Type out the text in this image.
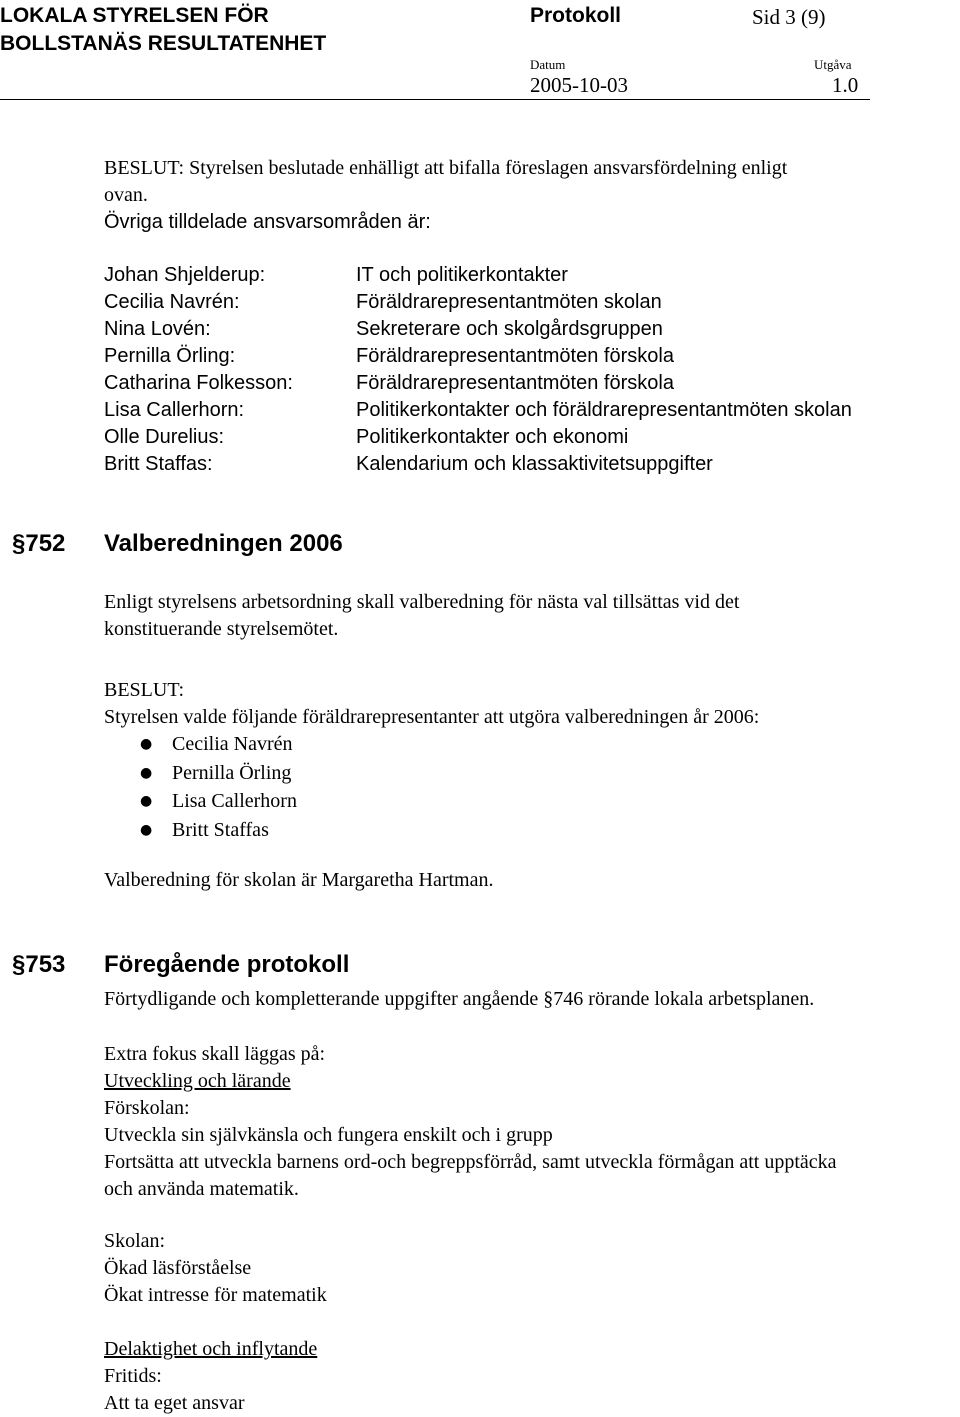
LOKALA STYRELSEN FÖR
BOLLSTANÄS RESULTATENHET
Protokoll	Sid 3 (9)
Datum
2005-10-03
Utgåva
1.0
BESLUT: Styrelsen beslutade enhälligt att bifalla föreslagen ansvarsfördelning enligt
ovan.
Övriga tilldelade ansvarsområden är:
Johan Shjelderup:
Cecilia Navrén:
Nina Lovén:
Pernilla Örling:
Catharina Folkesson:
Lisa Callerhorn:
Olle Durelius:
Britt Staffas:
IT och politikerkontakter
Föräldrarepresentantmöten skolan
Sekreterare och skolgårdsgruppen
Föräldrarepresentantmöten förskola
Föräldrarepresentantmöten förskola
Politikerkontakter och föräldrarepresentantmöten skolan
Politikerkontakter och ekonomi
Kalendarium och klassaktivitetsuppgifter
§752 Valberedningen 2006
Enligt styrelsens arbetsordning skall valberedning för nästa val tillsättas vid det
konstituerande styrelsemötet.
BESLUT:
Styrelsen valde följande föräldrarepresentanter att utgöra valberedningen år 2006:
● Cecilia Navrén
● Pernilla Örling
● Lisa Callerhorn
● Britt Staffas
Valberedning för skolan är Margaretha Hartman.
§753 Föregående protokoll
Förtydligande och kompletterande uppgifter angående §746 rörande lokala arbetsplanen.
Extra fokus skall läggas på:
Utveckling och lärande
Förskolan:
Utveckla sin självkänsla och fungera enskilt och i grupp
Fortsätta att utveckla barnens ord-och begreppsförråd, samt utveckla förmågan att upptäcka
och använda matematik.
Skolan:
Ökad läsförståelse
Ökat intresse för matematik
Delaktighet och inflytande
Fritids:
Att ta eget ansvar
